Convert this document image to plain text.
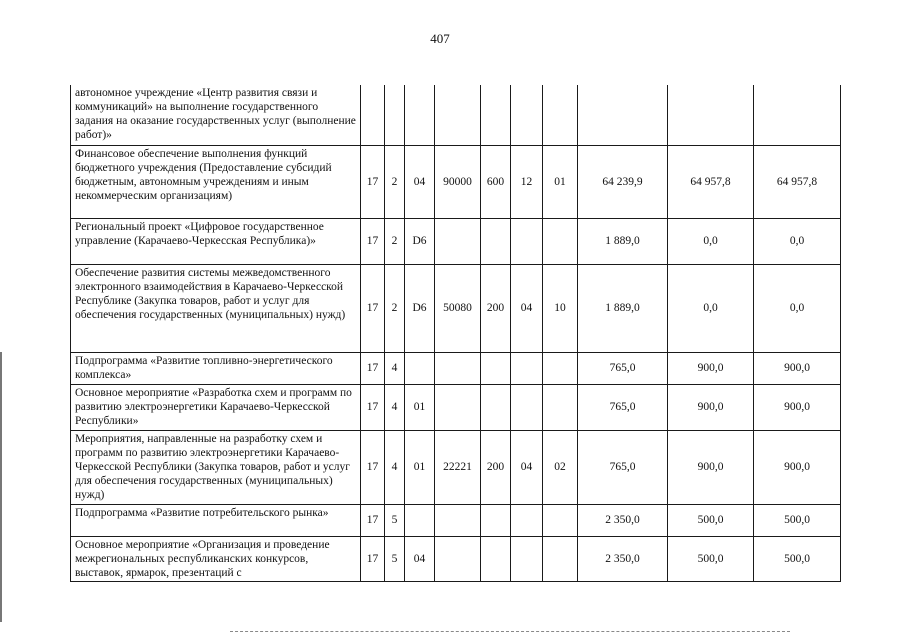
407
автономное учреждение «Центр развития связи и коммуникаций» на выполнение государственного задания на оказание государственных услуг (выполнение работ)»										
Финансовое обеспечение выполнения функций бюджетного учреждения (Предоставление субсидий бюджетным, автономным учреждениям и иным некоммерческим организациям)	17	2	04	90000	600	12	01	64 239,9	64 957,8	64 957,8
Региональный проект «Цифровое государственное управление (Карачаево-Черкесская Республика)»	17	2	D6					1 889,0	0,0	0,0
Обеспечение развития системы межведомственного электронного взаимодействия в Карачаево-Черкесской Республике (Закупка товаров, работ и услуг для обеспечения государственных (муниципальных) нужд)	17	2	D6	50080	200	04	10	1 889,0	0,0	0,0
Подпрограмма «Развитие топливно-энергетического комплекса»	17	4						765,0	900,0	900,0
Основное мероприятие «Разработка схем и программ по развитию электроэнергетики Карачаево-Черкесской Республики»	17	4	01					765,0	900,0	900,0
Мероприятия, направленные на разработку схем и программ по развитию электроэнергетики Карачаево-Черкесской Республики (Закупка товаров, работ и услуг для обеспечения государственных (муниципальных) нужд)	17	4	01	22221	200	04	02	765,0	900,0	900,0
Подпрограмма «Развитие потребительского рынка»	17	5						2 350,0	500,0	500,0
Основное мероприятие «Организация и проведение межрегиональных республиканских конкурсов, выставок, ярмарок, презентаций с	17	5	04					2 350,0	500,0	500,0
